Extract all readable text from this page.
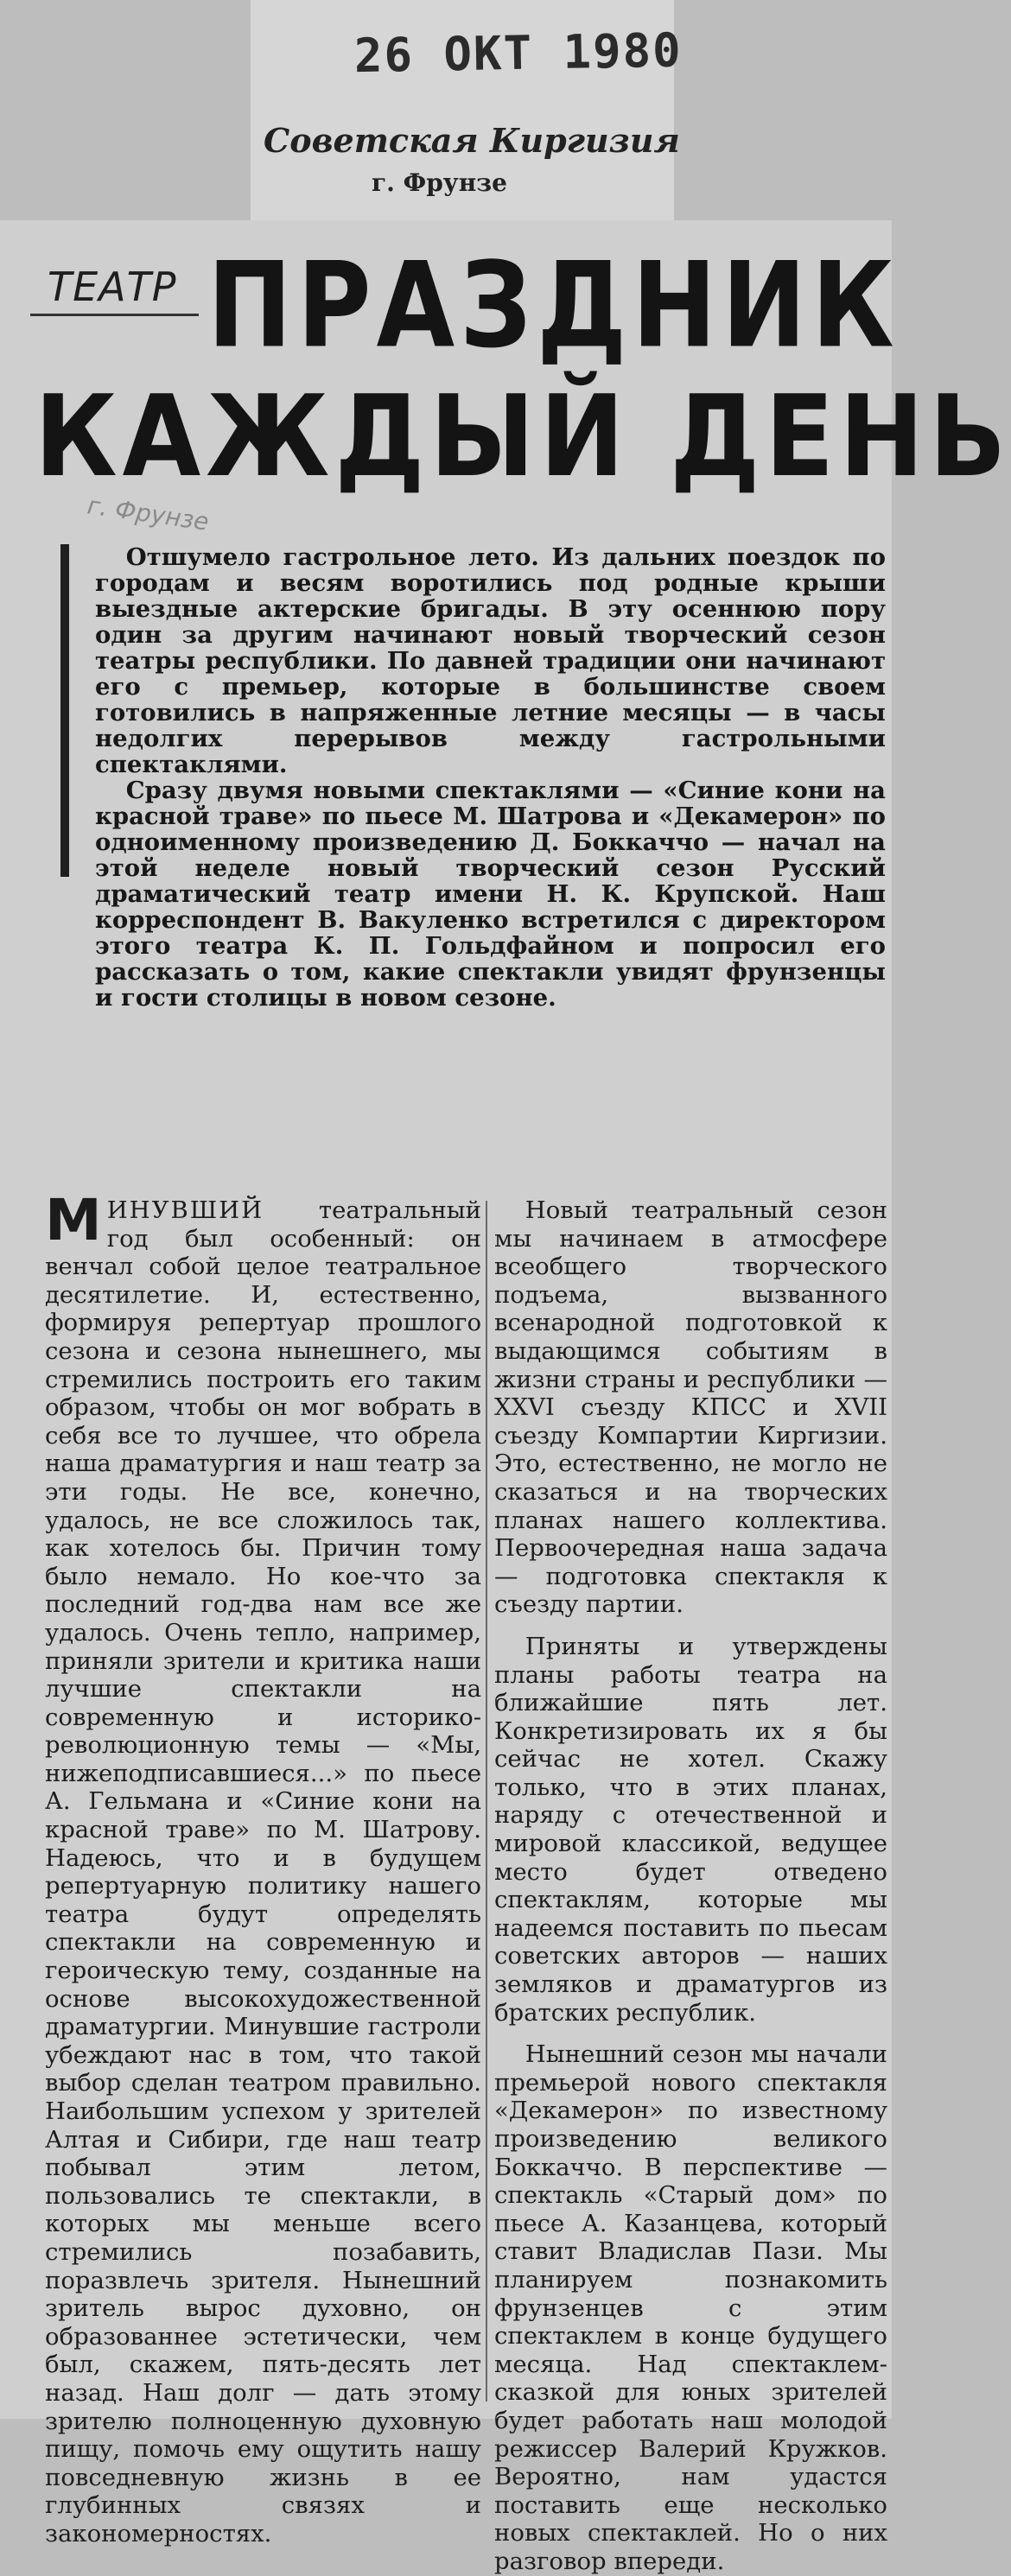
26 ОКТ 1980
Советская Киргизия
г. Фрунзе
ТЕАТР ПРАЗДНИК
КАЖДЫЙ ДЕНЬ
г. Фрунзе

Отшумело гастрольное лето. Из дальних поездок по городам и весям воротились под родные крыши выездные актерские бригады. В эту осеннюю пору один за другим начинают новый творческий сезон театры республики. По давней традиции они начинают его с премьер, которые в большинстве своем готовились в напряженные летние месяцы — в часы недолгих перерывов между гастрольными спектаклями.

Сразу двумя новыми спектаклями — «Синие кони на красной траве» по пьесе М. Шатрова и «Декамерон» по одноименному произведению Д. Боккаччо — начал на этой неделе новый творческий сезон Русский драматический театр имени Н. К. Крупской. Наш корреспондент В. Вакуленко встретился с директором этого театра К. П. Гольдфайном и попросил его рассказать о том, какие спектакли увидят фрунзенцы и гости столицы в новом сезоне.

МИНУВШИЙ театральный год был особенный: он венчал собой целое театральное десятилетие. И, естественно, формируя репертуар прошлого сезона и сезона нынешнего, мы стремились построить его таким образом, чтобы он мог вобрать в себя все то лучшее, что обрела наша драматургия и наш театр за эти годы. Не все, конечно, удалось, не все сложилось так, как хотелось бы. Причин тому было немало. Но кое-что за последний год-два нам все же удалось. Очень тепло, например, приняли зрители и критика наши лучшие спектакли на современную и историко-революционную темы — «Мы, нижеподписавшиеся...» по пьесе А. Гельмана и «Синие кони на красной траве» по М. Шатрову. Надеюсь, что и в будущем репертуарную политику нашего театра будут определять спектакли на современную и героическую тему, созданные на основе высокохудожественной драматургии. Минувшие гастроли убеждают нас в том, что такой выбор сделан театром правильно. Наибольшим успехом у зрителей Алтая и Сибири, где наш театр побывал этим летом, пользовались те спектакли, в которых мы меньше всего стремились позабавить, поразвлечь зрителя. Нынешний зритель вырос духовно, он образованнее эстетически, чем был, скажем, пять-десять лет назад. Наш долг — дать этому зрителю полноценную духовную пищу, помочь ему ощутить нашу повседневную жизнь в ее глубинных связях и закономерностях.

Новый театральный сезон мы начинаем в атмосфере всеобщего творческого подъема, вызванного всенародной подготовкой к выдающимся событиям в жизни страны и республики — XXVI съезду КПСС и XVII съезду Компартии Киргизии. Это, естественно, не могло не сказаться и на творческих планах нашего коллектива. Первоочередная наша задача — подготовка спектакля к съезду партии.

Приняты и утверждены планы работы театра на ближайшие пять лет. Конкретизировать их я бы сейчас не хотел. Скажу только, что в этих планах, наряду с отечественной и мировой классикой, ведущее место будет отведено спектаклям, которые мы надеемся поставить по пьесам советских авторов — наших земляков и драматургов из братских республик.

Нынешний сезон мы начали премьерой нового спектакля «Декамерон» по известному произведению великого Боккаччо. В перспективе — спектакль «Старый дом» по пьесе А. Казанцева, который ставит Владислав Пази. Мы планируем познакомить фрунзенцев с этим спектаклем в конце будущего месяца. Над спектаклем-сказкой для юных зрителей будет работать наш молодой режиссер Валерий Кружков. Вероятно, нам удастся поставить еще несколько новых спектаклей. Но о них разговор впереди.
